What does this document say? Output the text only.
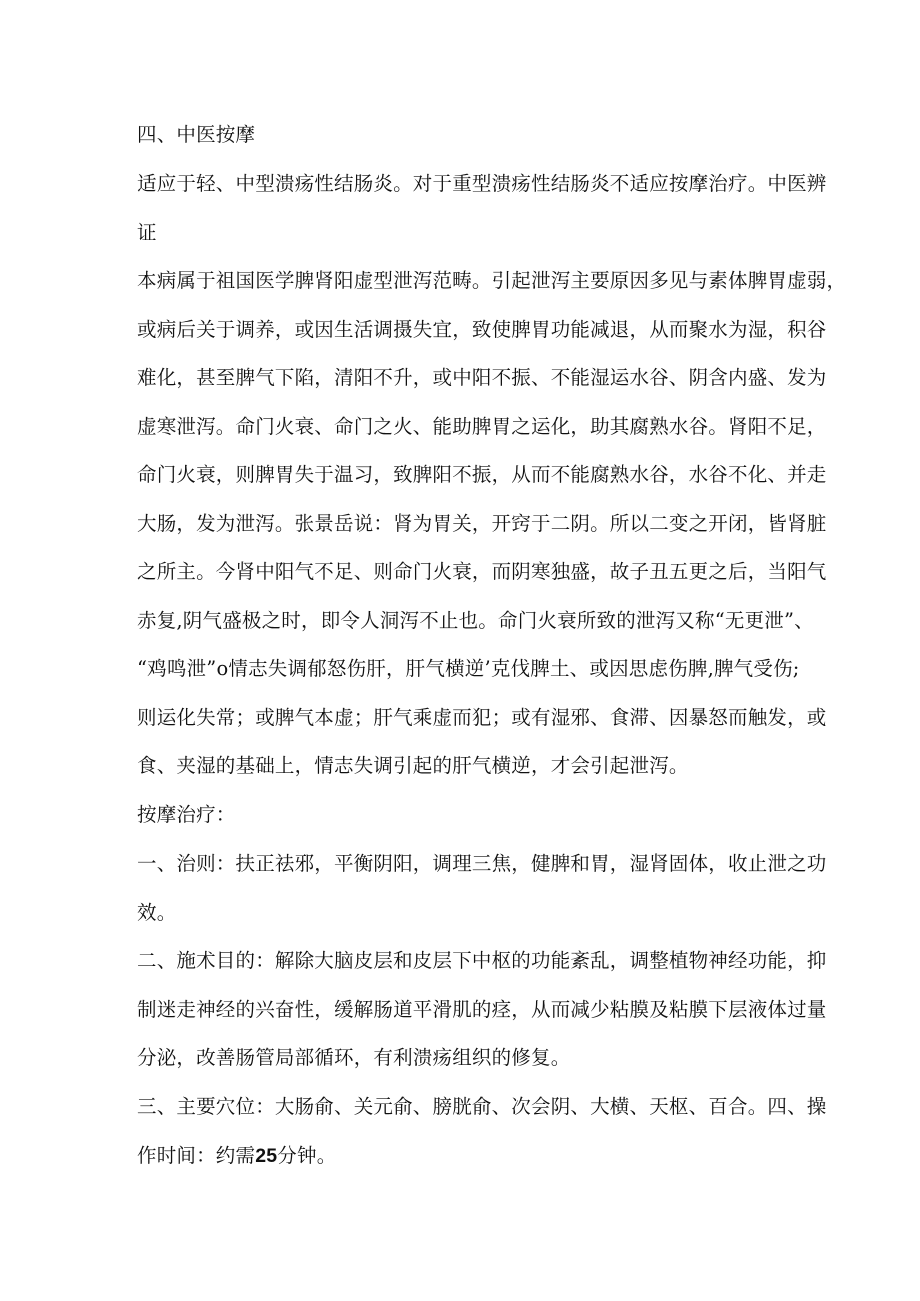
四、中医按摩

适应于轻、中型溃疡性结肠炎。对于重型溃疡性结肠炎不适应按摩治疗。中医辨
证

本病属于祖国医学脾肾阳虚型泄泻范畴。引起泄泻主要原因多见与素体脾胃虚弱，
或病后关于调养，或因生活调摄失宜，致使脾胃功能减退，从而聚水为湿，积谷
难化，甚至脾气下陷，清阳不升，或中阳不振、不能湿运水谷、阴含内盛、发为
虚寒泄泻。命门火衰、命门之火、能助脾胃之运化，助其腐熟水谷。肾阳不足，
命门火衰，则脾胃失于温习，致脾阳不振，从而不能腐熟水谷，水谷不化、并走
大肠，发为泄泻。张景岳说：肾为胃关，开窍于二阴。所以二变之开闭，皆肾脏
之所主。今肾中阳气不足、则命门火衰，而阴寒独盛，故子丑五更之后，当阳气
赤复,阴气盛极之时，即令人洞泻不止也。命门火衰所致的泄泻又称“无更泄”、
“鸡鸣泄”o情志失调郁怒伤肝，肝气横逆’克伐脾土、或因思虑伤脾,脾气受伤;
则运化失常；或脾气本虚；肝气乘虚而犯；或有湿邪、食滞、因暴怒而触发，或
食、夹湿的基础上，情志失调引起的肝气横逆，才会引起泄泻。

按摩治疗：

一、治则：扶正祛邪，平衡阴阳，调理三焦，健脾和胃，湿肾固体，收止泄之功
效。

二、施术目的：解除大脑皮层和皮层下中枢的功能紊乱，调整植物神经功能，抑
制迷走神经的兴奋性，缓解肠道平滑肌的痉，从而减少粘膜及粘膜下层液体过量
分泌，改善肠管局部循环，有利溃疡组织的修复。

三、主要穴位：大肠俞、关元俞、膀胱俞、次会阴、大横、天枢、百合。四、操
作时间：约需25分钟。
